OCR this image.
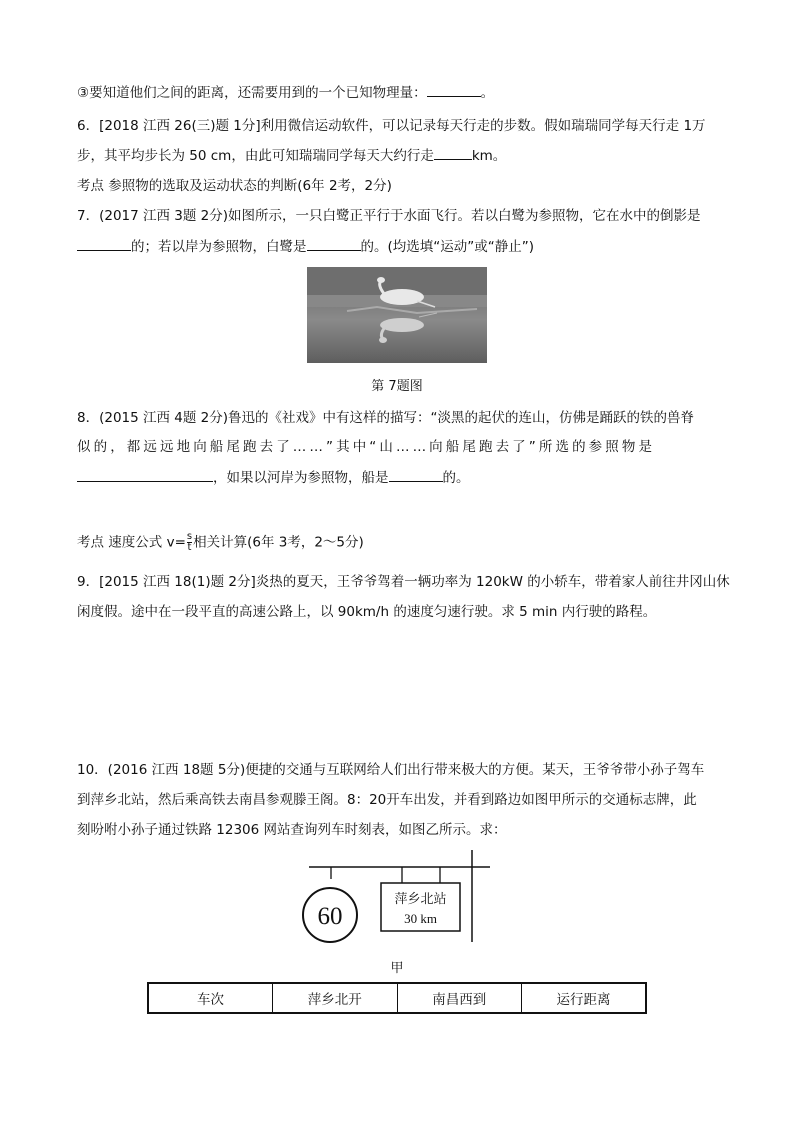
③要知道他们之间的距离，还需要用到的一个已知物理量：	。
6．[2018 江西 26(三)题 1分]利用微信运动软件，可以记录每天行走的步数。假如瑞瑞同学每天行走 1万
步，其平均步长为 50 cm，由此可知瑞瑞同学每天大约行走	km。
考点 参照物的选取及运动状态的判断(6年 2考，2分)
7．(2017 江西 3题 2分)如图所示，一只白鹭正平行于水面飞行。若以白鹭为参照物，它在水中的倒影是
的；若以岸为参照物，白鹭是	的。(均选填“运动”或“静止”)
第 7题图
8．(2015 江西 4题 2分)鲁迅的《社戏》中有这样的描写：“淡黑的起伏的连山，仿佛是踊跃的铁的兽脊
似的，都远远地向船尾跑去了……”其中“山……向船尾跑去了”所选的参照物是
，如果以河岸为参照物，船是	的。
考点 速度公式 $v= \frac{s}{t}$ 相关计算(6年 3考，2～5分)
9．[2015 江西 18(1)题 2分]炎热的夏天，王爷爷驾着一辆功率为 120kW 的小轿车，带着家人前往井冈山休
闲度假。途中在一段平直的高速公路上，以 90km/h 的速度匀速行驶。求 5 min 内行驶的路程。
10．(2016 江西 18题 5分)便捷的交通与互联网给人们出行带来极大的方便。某天，王爷爷带小孙子驾车
到萍乡北站，然后乘高铁去南昌参观滕王阁。8：20开车出发，并看到路边如图甲所示的交通标志牌，此
刻吩咐小孙子通过铁路 12306 网站查询列车时刻表，如图乙所示。求：
60
萍乡北站
30 km
甲
车次	萍乡北开	南昌西到	运行距离
